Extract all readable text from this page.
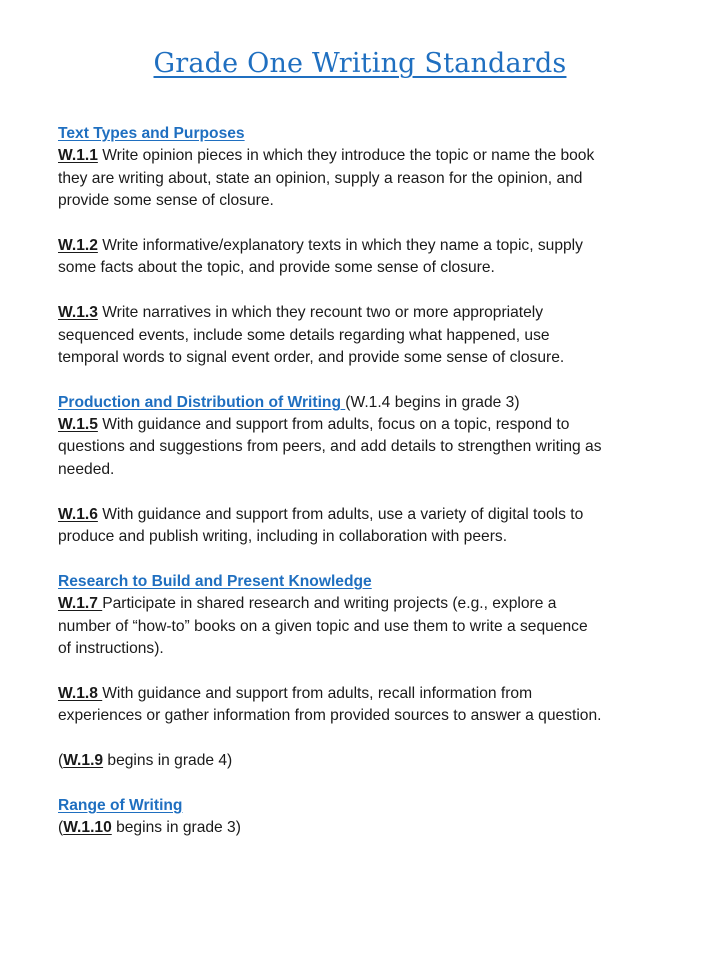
Grade One Writing Standards
Text Types and Purposes
W.1.1 Write opinion pieces in which they introduce the topic or name the book
they are writing about, state an opinion, supply a reason for the opinion, and
provide some sense of closure.
W.1.2 Write informative/explanatory texts in which they name a topic, supply
some facts about the topic, and provide some sense of closure.
W.1.3 Write narratives in which they recount two or more appropriately
sequenced events, include some details regarding what happened, use
temporal words to signal event order, and provide some sense of closure.
Production and Distribution of Writing (W.1.4 begins in grade 3)
W.1.5 With guidance and support from adults, focus on a topic, respond to
questions and suggestions from peers, and add details to strengthen writing as
needed.
W.1.6 With guidance and support from adults, use a variety of digital tools to
produce and publish writing, including in collaboration with peers.
Research to Build and Present Knowledge
W.1.7 Participate in shared research and writing projects (e.g., explore a
number of “how-to” books on a given topic and use them to write a sequence
of instructions).
W.1.8 With guidance and support from adults, recall information from
experiences or gather information from provided sources to answer a question.
(W.1.9 begins in grade 4)
Range of Writing
(W.1.10 begins in grade 3)
